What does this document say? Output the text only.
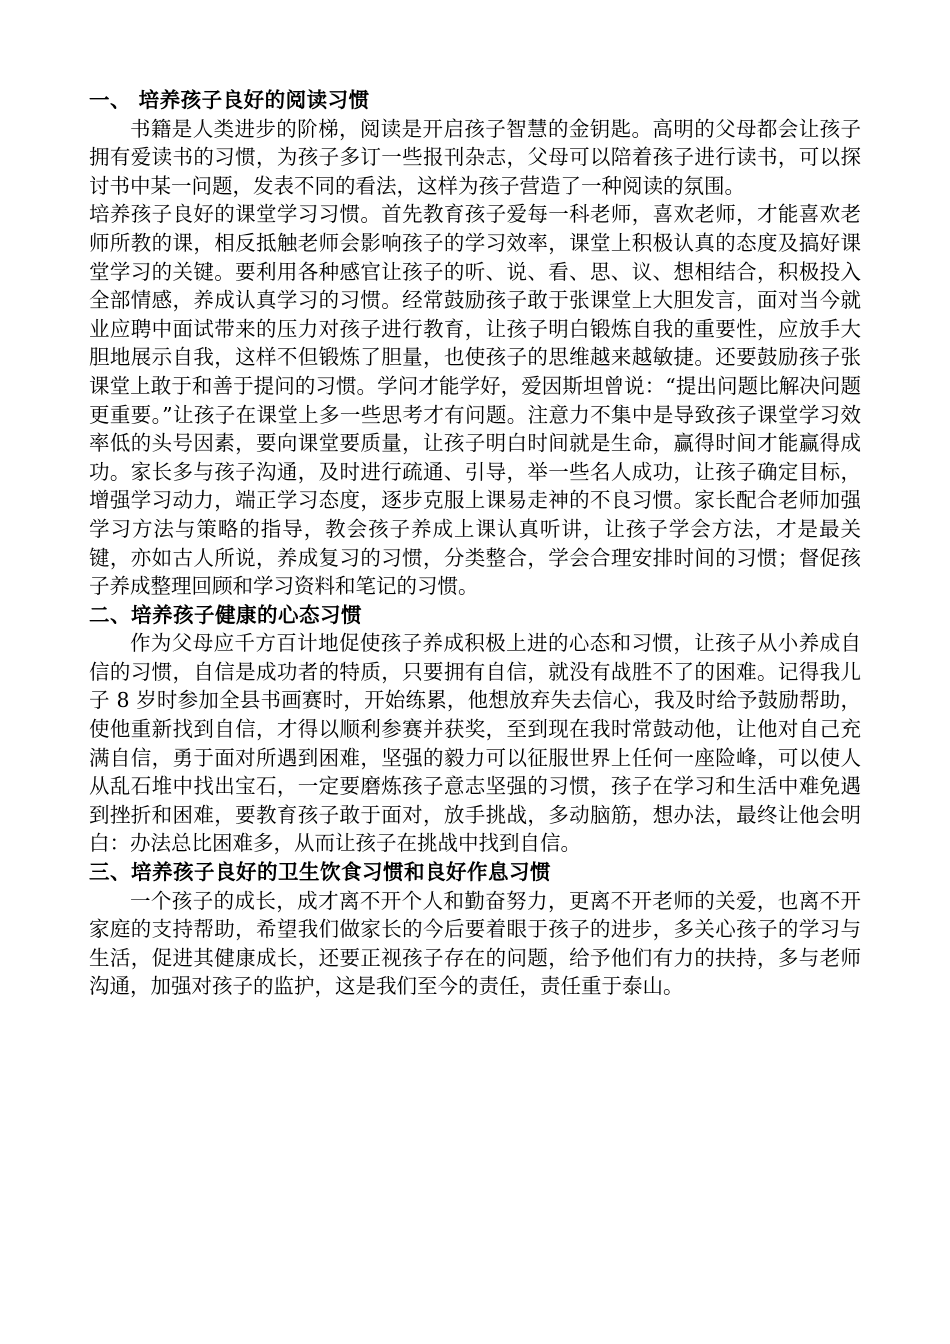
一、 培养孩子良好的阅读习惯

书籍是人类进步的阶梯，阅读是开启孩子智慧的金钥匙。高明的父母都会让孩子拥有爱读书的习惯，为孩子多订一些报刊杂志，父母可以陪着孩子进行读书，可以探讨书中某一问题，发表不同的看法，这样为孩子营造了一种阅读的氛围。

培养孩子良好的课堂学习习惯。首先教育孩子爱每一科老师，喜欢老师，才能喜欢老师所教的课，相反抵触老师会影响孩子的学习效率，课堂上积极认真的态度及搞好课堂学习的关键。要利用各种感官让孩子的听、说、看、思、议、想相结合，积极投入全部情感，养成认真学习的习惯。经常鼓励孩子敢于张课堂上大胆发言，面对当今就业应聘中面试带来的压力对孩子进行教育，让孩子明白锻炼自我的重要性，应放手大胆地展示自我，这样不但锻炼了胆量，也使孩子的思维越来越敏捷。还要鼓励孩子张课堂上敢于和善于提问的习惯。学问才能学好，爱因斯坦曾说：“提出问题比解决问题更重要。”让孩子在课堂上多一些思考才有问题。注意力不集中是导致孩子课堂学习效率低的头号因素，要向课堂要质量，让孩子明白时间就是生命，赢得时间才能赢得成功。家长多与孩子沟通，及时进行疏通、引导，举一些名人成功，让孩子确定目标，增强学习动力，端正学习态度，逐步克服上课易走神的不良习惯。家长配合老师加强学习方法与策略的指导，教会孩子养成上课认真听讲，让孩子学会方法，才是最关键，亦如古人所说，养成复习的习惯，分类整合，学会合理安排时间的习惯；督促孩子养成整理回顾和学习资料和笔记的习惯。

二、培养孩子健康的心态习惯

作为父母应千方百计地促使孩子养成积极上进的心态和习惯，让孩子从小养成自信的习惯，自信是成功者的特质，只要拥有自信，就没有战胜不了的困难。记得我儿子 8 岁时参加全县书画赛时，开始练累，他想放弃失去信心，我及时给予鼓励帮助，使他重新找到自信，才得以顺利参赛并获奖，至到现在我时常鼓动他，让他对自己充满自信，勇于面对所遇到困难，坚强的毅力可以征服世界上任何一座险峰，可以使人从乱石堆中找出宝石，一定要磨炼孩子意志坚强的习惯，孩子在学习和生活中难免遇到挫折和困难，要教育孩子敢于面对，放手挑战，多动脑筋，想办法，最终让他会明白：办法总比困难多，从而让孩子在挑战中找到自信。

三、培养孩子良好的卫生饮食习惯和良好作息习惯

一个孩子的成长，成才离不开个人和勤奋努力，更离不开老师的关爱，也离不开家庭的支持帮助，希望我们做家长的今后要着眼于孩子的进步，多关心孩子的学习与生活，促进其健康成长，还要正视孩子存在的问题，给予他们有力的扶持，多与老师沟通，加强对孩子的监护，这是我们至今的责任，责任重于泰山。
